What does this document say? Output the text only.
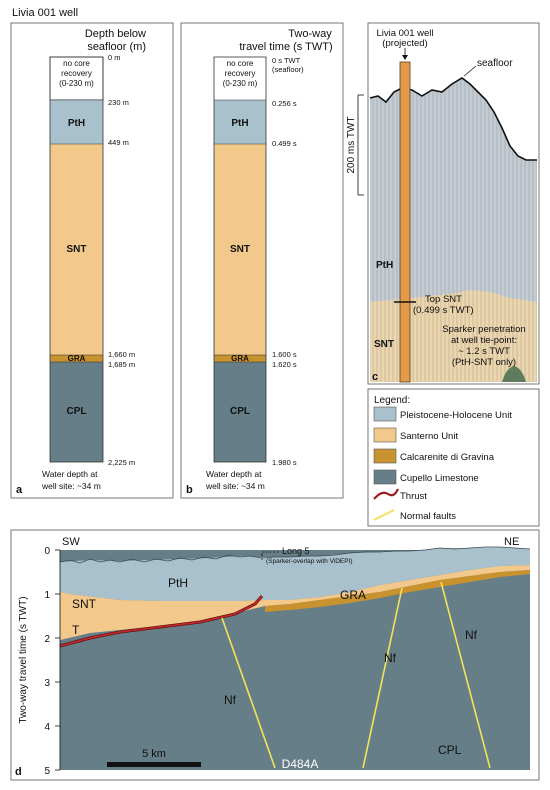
Livia 001 well
Depth below
seafloor (m)
no core
recovery
(0-230 m)
PtH
SNT
GRA
CPL
0 m
230 m
449 m
1,660 m
1,685 m
2,225 m
Water depth at
well site: ~34 m
a
Two-way
travel time (s TWT)
no core
recovery
(0-230 m)
PtH
SNT
GRA
CPL
0 s TWT
(seafloor)
0.256 s
0.499 s
1.600 s
1.620 s
1.980 s
Water depth at
well site: ~34 m
b
Livia 001 well
(projected)
seafloor
200 ms TWT
PtH
SNT
Top SNT
(0.499 s TWT)
Sparker penetration
at well tie-point:
~ 1.2 s TWT
(PtH-SNT only)
c
Legend:
Pleistocene-Holocene Unit
Santerno Unit
Calcarenite di Gravina
Cupello Limestone
Thrust
Normal faults
SW	NE
Long 5
(Sparker-overlap with ViDEPI)
0
1
2
3
4
5
Two-way travel time (s TWT)
PtH
SNT
GRA
CPL
T
Nf
Nf
Nf
5 km
D484A
d
